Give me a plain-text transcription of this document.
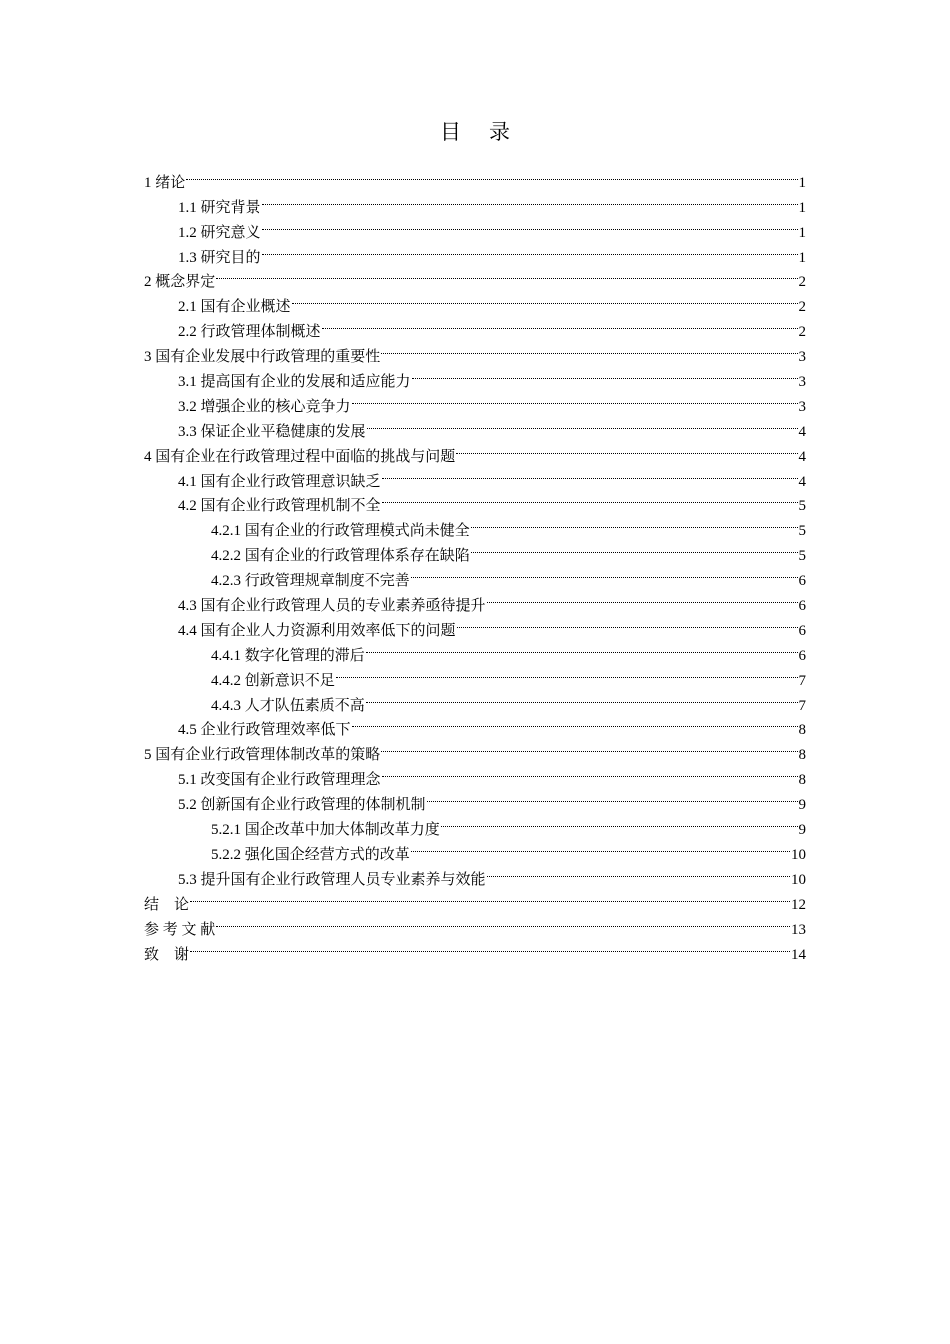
目录
1 绪论	1
1.1 研究背景	1
1.2 研究意义	1
1.3 研究目的	1
2 概念界定	2
2.1 国有企业概述	2
2.2 行政管理体制概述	2
3 国有企业发展中行政管理的重要性	3
3.1 提高国有企业的发展和适应能力	3
3.2 增强企业的核心竞争力	3
3.3 保证企业平稳健康的发展	4
4 国有企业在行政管理过程中面临的挑战与问题	4
4.1 国有企业行政管理意识缺乏	4
4.2 国有企业行政管理机制不全	5
4.2.1 国有企业的行政管理模式尚未健全	5
4.2.2 国有企业的行政管理体系存在缺陷	5
4.2.3 行政管理规章制度不完善	6
4.3 国有企业行政管理人员的专业素养亟待提升	6
4.4 国有企业人力资源利用效率低下的问题	6
4.4.1 数字化管理的滞后	6
4.4.2 创新意识不足	7
4.4.3 人才队伍素质不高	7
4.5 企业行政管理效率低下	8
5 国有企业行政管理体制改革的策略	8
5.1 改变国有企业行政管理理念	8
5.2 创新国有企业行政管理的体制机制	9
5.2.1 国企改革中加大体制改革力度	9
5.2.2 强化国企经营方式的改革	10
5.3 提升国有企业行政管理人员专业素养与效能	10
结　论	12
参 考 文 献	13
致　谢	14
